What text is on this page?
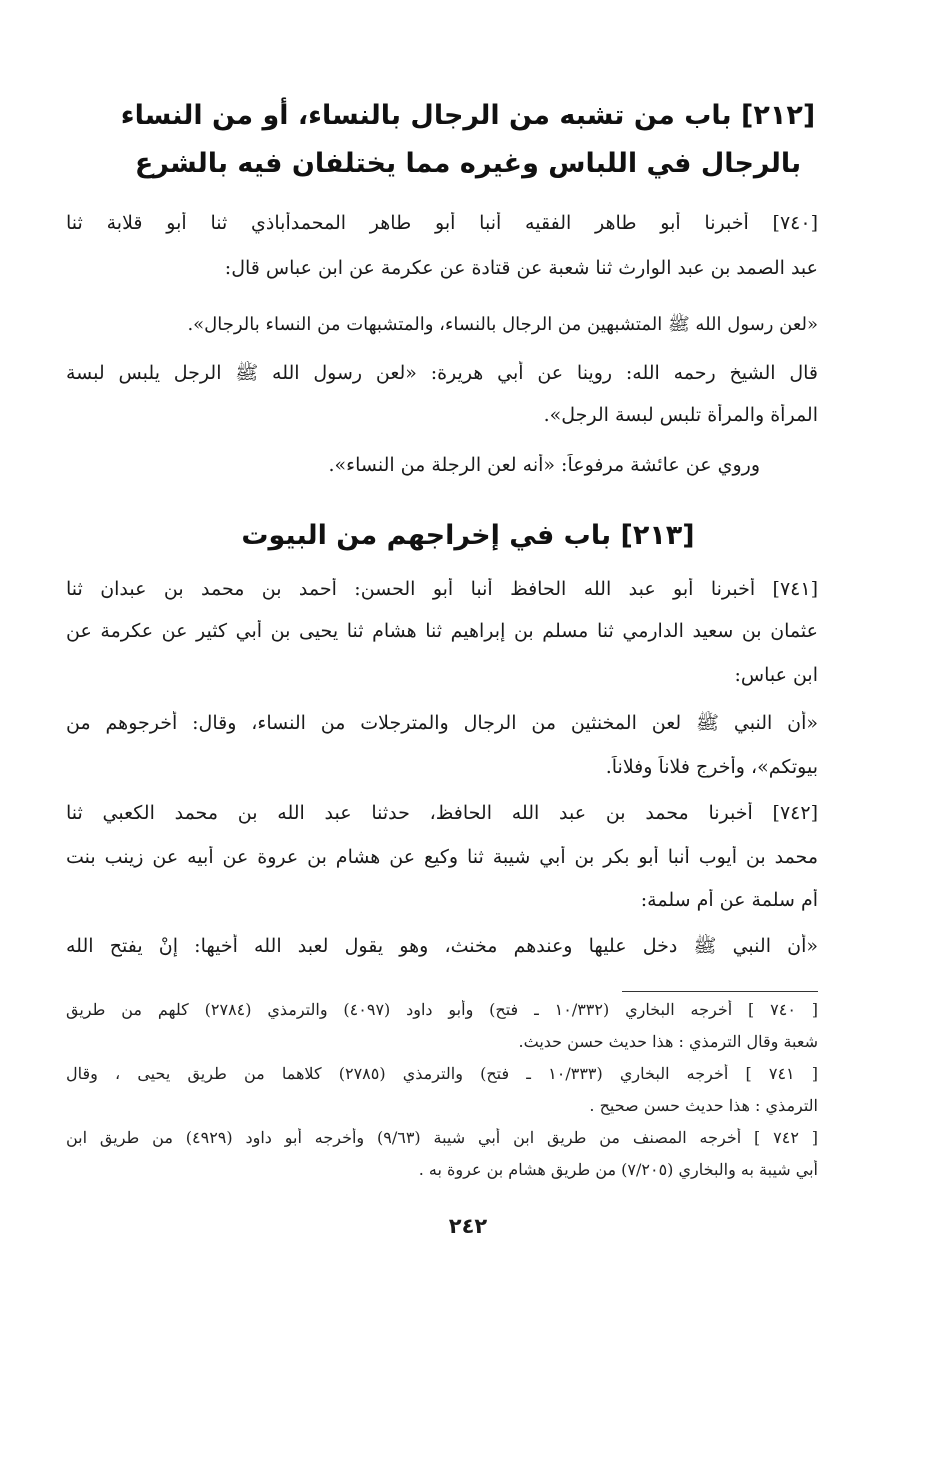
[٢١٢] باب من تشبه من الرجال بالنساء، أو من النساء
بالرجال في اللباس وغيره مما يختلفان فيه بالشرع
[٧٤٠] أخبرنا أبو طاهر الفقيه أنبا أبو طاهر المحمدأباذي ثنا أبو قلابة ثنا
عبد الصمد بن عبد الوارث ثنا شعبة عن قتادة عن عكرمة عن ابن عباس قال:
«لعن رسول الله ﷺ المتشبهين من الرجال بالنساء، والمتشبهات من النساء بالرجال».
قال الشيخ رحمه الله: روينا عن أبي هريرة: «لعن رسول الله ﷺ الرجل يلبس لبسة
المرأة والمرأة تلبس لبسة الرجل».
وروي عن عائشة مرفوعاً: «أنه لعن الرجلة من النساء».
[٢١٣] باب في إخراجهم من البيوت
[٧٤١] أخبرنا أبو عبد الله الحافظ أنبا أبو الحسن: أحمد بن محمد بن عبدان ثنا
عثمان بن سعيد الدارمي ثنا مسلم بن إبراهيم ثنا هشام ثنا يحيى بن أبي كثير عن عكرمة عن
ابن عباس:
«أن النبي ﷺ لعن المخنثين من الرجال والمترجلات من النساء، وقال: أخرجوهم من
بيوتكم»، وأخرج فلاناً وفلاناً.
[٧٤٢] أخبرنا محمد بن عبد الله الحافظ، حدثنا عبد الله بن محمد الكعبي ثنا
محمد بن أيوب أنبا أبو بكر بن أبي شيبة ثنا وكيع عن هشام بن عروة عن أبيه عن زينب بنت
أم سلمة عن أم سلمة:
«أن النبي ﷺ دخل عليها وعندهم مخنث، وهو يقول لعبد الله أخيها: إنْ يفتح الله
[ ٧٤٠ ] أخرجه البخاري (١٠/٣٣٢ ـ فتح) وأبو داود (٤٠٩٧) والترمذي (٢٧٨٤) كلهم من طريق
شعبة وقال الترمذي : هذا حديث حسن حديث.
[ ٧٤١ ] أخرجه البخاري (١٠/٣٣٣ ـ فتح) والترمذي (٢٧٨٥) كلاهما من طريق يحيى ، وقال
الترمذي : هذا حديث حسن صحيح .
[ ٧٤٢ ] أخرجه المصنف من طريق ابن أبي شيبة (٩/٦٣) وأخرجه أبو داود (٤٩٢٩) من طريق ابن
أبي شيبة به والبخاري (٧/٢٠٥) من طريق هشام بن عروة به .
٢٤٢
